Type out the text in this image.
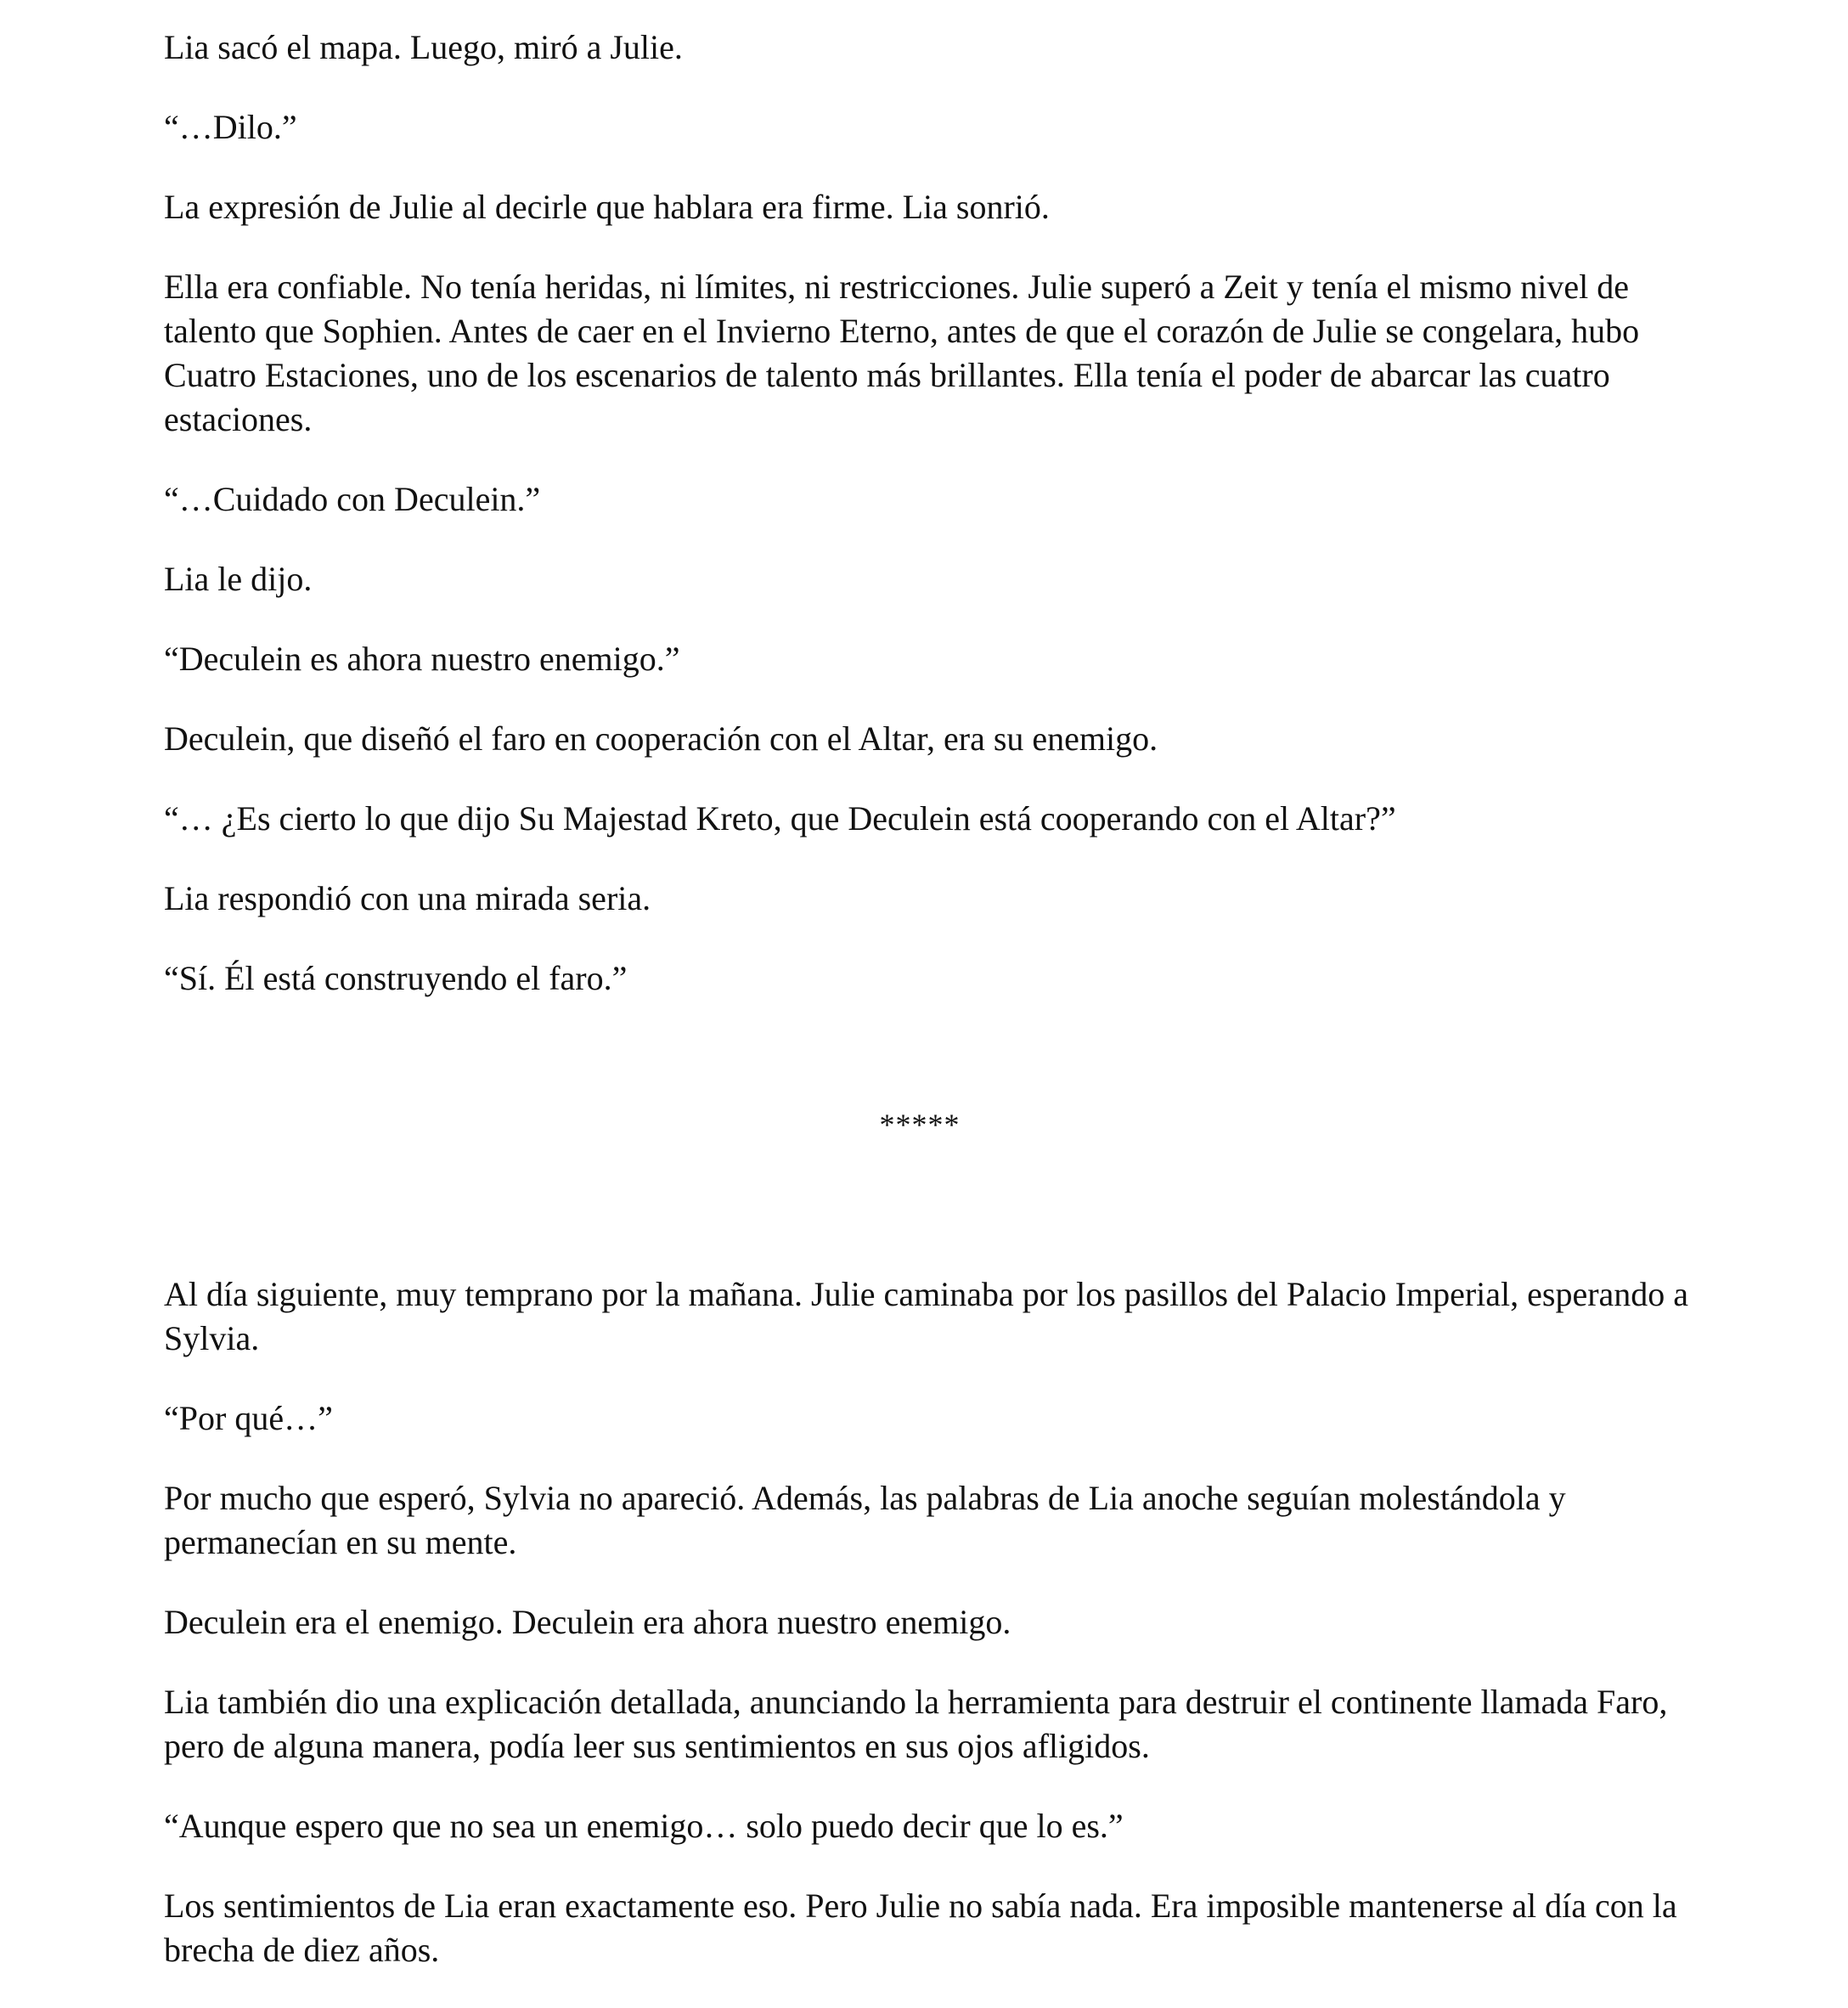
Lia sacó el mapa. Luego, miró a Julie.

“…Dilo.”

La expresión de Julie al decirle que hablara era firme. Lia sonrió.

Ella era confiable. No tenía heridas, ni límites, ni restricciones. Julie superó a Zeit y tenía el mismo nivel de talento que Sophien. Antes de caer en el Invierno Eterno, antes de que el corazón de Julie se congelara, hubo Cuatro Estaciones, uno de los escenarios de talento más brillantes. Ella tenía el poder de abarcar las cuatro estaciones.

“…Cuidado con Deculein.”

Lia le dijo.

“Deculein es ahora nuestro enemigo.”

Deculein, que diseñó el faro en cooperación con el Altar, era su enemigo.

“… ¿Es cierto lo que dijo Su Majestad Kreto, que Deculein está cooperando con el Altar?”

Lia respondió con una mirada seria.

“Sí. Él está construyendo el faro.”

*****

Al día siguiente, muy temprano por la mañana. Julie caminaba por los pasillos del Palacio Imperial, esperando a Sylvia.

“Por qué…”

Por mucho que esperó, Sylvia no apareció. Además, las palabras de Lia anoche seguían molestándola y permanecían en su mente.

Deculein era el enemigo. Deculein era ahora nuestro enemigo.

Lia también dio una explicación detallada, anunciando la herramienta para destruir el continente llamada Faro, pero de alguna manera, podía leer sus sentimientos en sus ojos afligidos.

“Aunque espero que no sea un enemigo… solo puedo decir que lo es.”

Los sentimientos de Lia eran exactamente eso. Pero Julie no sabía nada. Era imposible mantenerse al día con la brecha de diez años.
